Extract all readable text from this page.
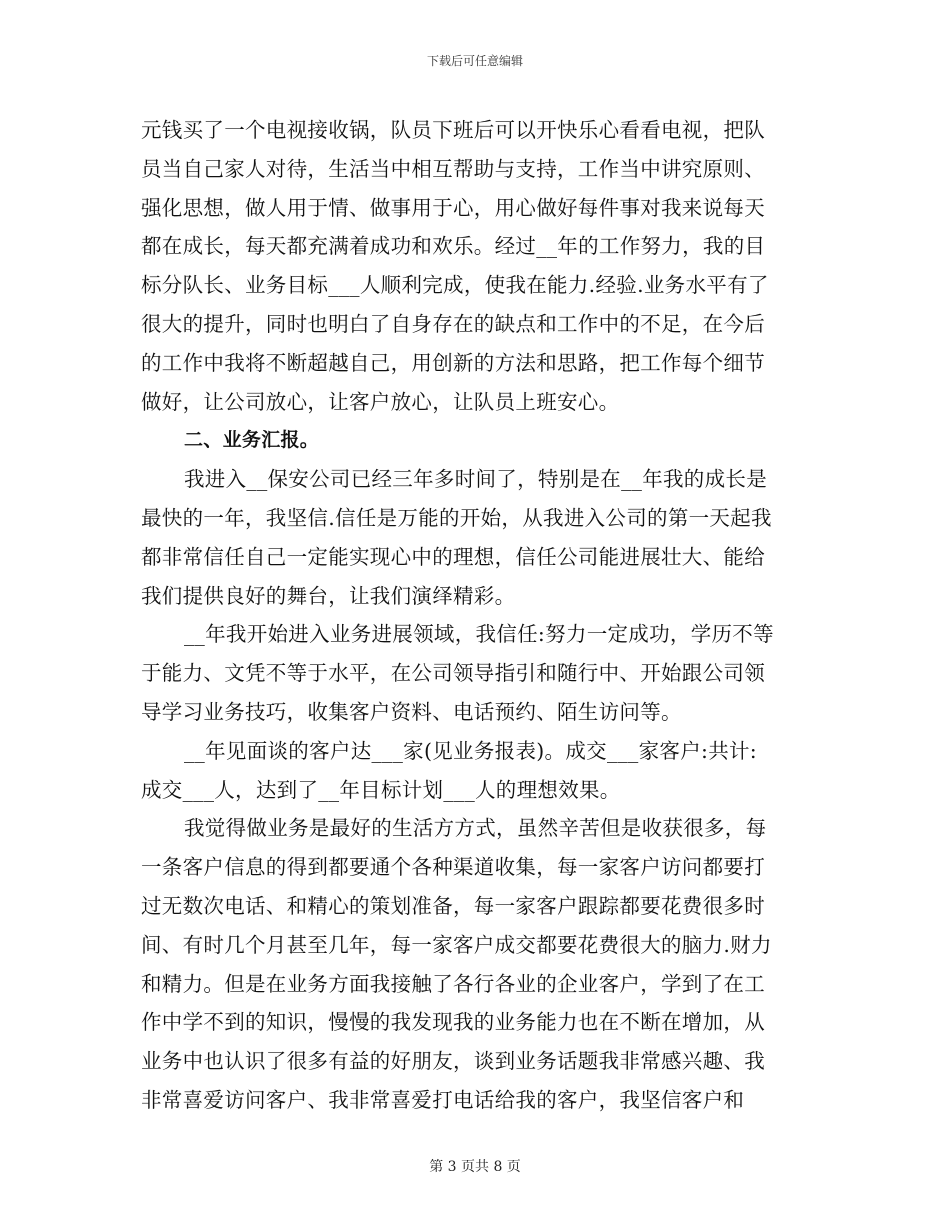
下载后可任意编辑
元钱买了一个电视接收锅，队员下班后可以开快乐心看看电视，把队
员当自己家人对待，生活当中相互帮助与支持，工作当中讲究原则、
强化思想，做人用于情、做事用于心，用心做好每件事对我来说每天
都在成长，每天都充满着成功和欢乐。经过__年的工作努力，我的目
标分队长、业务目标___人顺利完成，使我在能力.经验.业务水平有了
很大的提升，同时也明白了自身存在的缺点和工作中的不足，在今后
的工作中我将不断超越自己，用创新的方法和思路，把工作每个细节
做好，让公司放心，让客户放心，让队员上班安心。
二、业务汇报。
我进入__保安公司已经三年多时间了，特别是在__年我的成长是
最快的一年，我坚信.信任是万能的开始，从我进入公司的第一天起我
都非常信任自己一定能实现心中的理想，信任公司能进展壮大、能给
我们提供良好的舞台，让我们演绎精彩。
__年我开始进入业务进展领域，我信任:努力一定成功，学历不等
于能力、文凭不等于水平，在公司领导指引和随行中、开始跟公司领
导学习业务技巧，收集客户资料、电话预约、陌生访问等。
__年见面谈的客户达___家(见业务报表)。成交___家客户:共计:
成交___人，达到了__年目标计划___人的理想效果。
我觉得做业务是最好的生活方方式，虽然辛苦但是收获很多，每
一条客户信息的得到都要通个各种渠道收集，每一家客户访问都要打
过无数次电话、和精心的策划准备，每一家客户跟踪都要花费很多时
间、有时几个月甚至几年，每一家客户成交都要花费很大的脑力.财力
和精力。但是在业务方面我接触了各行各业的企业客户，学到了在工
作中学不到的知识，慢慢的我发现我的业务能力也在不断在增加，从
业务中也认识了很多有益的好朋友，谈到业务话题我非常感兴趣、我
非常喜爱访问客户、我非常喜爱打电话给我的客户，我坚信客户和
第 3 页共 8 页
